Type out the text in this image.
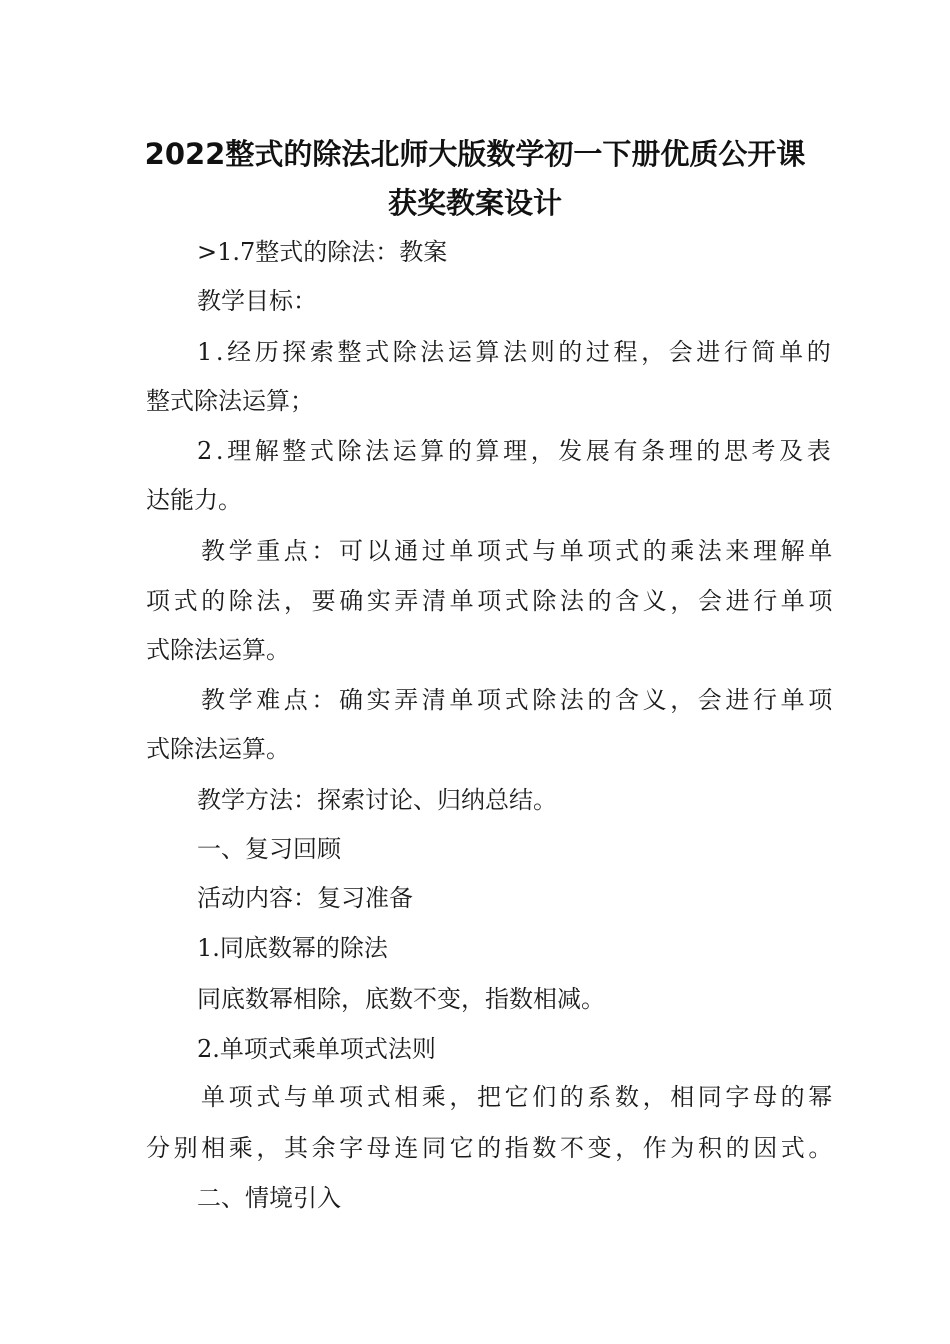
2022整式的除法北师大版数学初一下册优质公开课
获奖教案设计
>1.7整式的除法：教案
教学目标：
1.经历探索整式除法运算法则的过程，会进行简单的
整式除法运算；
2.理解整式除法运算的算理，发展有条理的思考及表
达能力。
教学重点：可以通过单项式与单项式的乘法来理解单
项式的除法，要确实弄清单项式除法的含义，会进行单项
式除法运算。
教学难点：确实弄清单项式除法的含义，会进行单项
式除法运算。
教学方法：探索讨论、归纳总结。
一、复习回顾
活动内容：复习准备
1.同底数幂的除法
同底数幂相除，底数不变，指数相减。
2.单项式乘单项式法则
单项式与单项式相乘，把它们的系数，相同字母的幂
分别相乘，其余字母连同它的指数不变，作为积的因式。
二、情境引入
